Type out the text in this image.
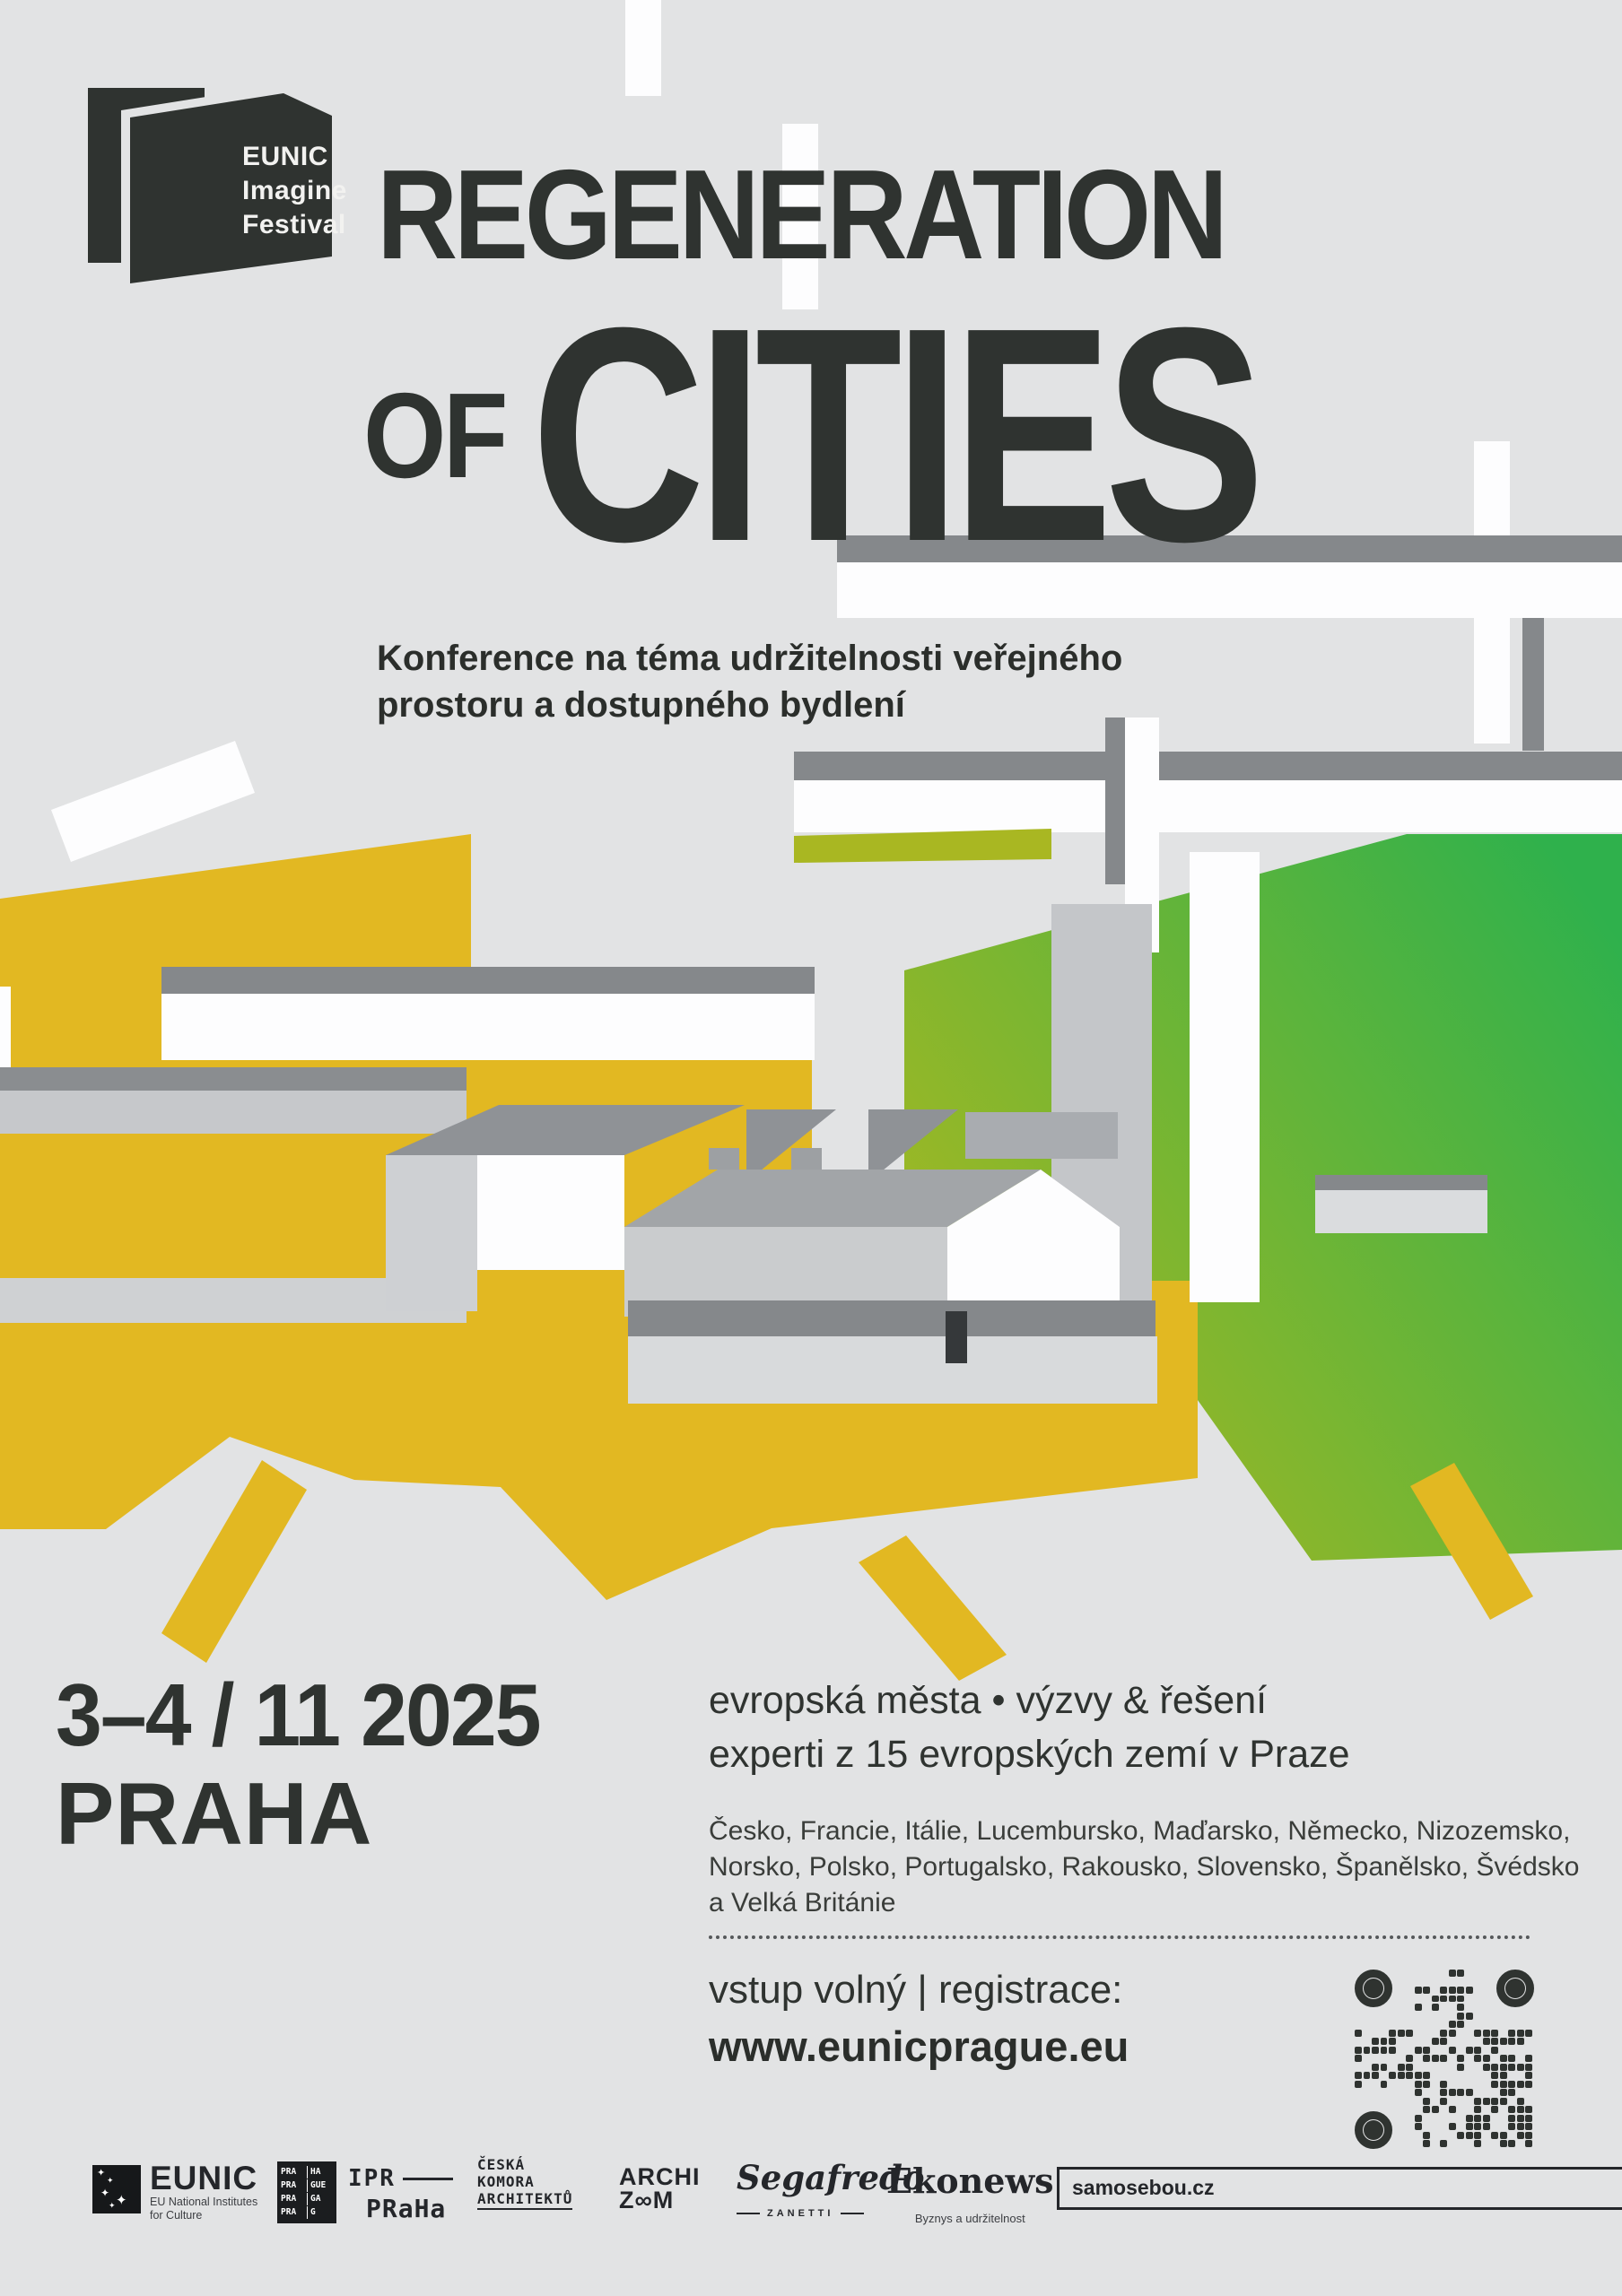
EUNIC
Imagine
Festival REGENERATION
OF CITIES
Konference na téma udržitelnosti veřejného
prostoru a dostupného bydlení
3–4 / 11 2025
PRAHA
evropská města • výzvy & řešení
experti z 15 evropských zemí v Praze
Česko, Francie, Itálie, Lucembursko, Maďarsko, Německo, Nizozemsko,
Norsko, Polsko, Portugalsko, Rakousko, Slovensko, Španělsko, Švédsko
a Velká Británie
vstup volný | registrace:
www.eunicprague.eu
✦
✦
✦ ✦
✦
EUNIC
EU National Institutes
for Culture
PRA	HA
PRA	GUE
PRA	GA
PRA	G
IPR
PRaHa
ČESKÁ
KOMORA
ARCHITEKTŮ
ARCHI
Z∞M
Segafredo
ZANETTI
Ekonews
Byznys a udržitelnost
samosebou.cz
